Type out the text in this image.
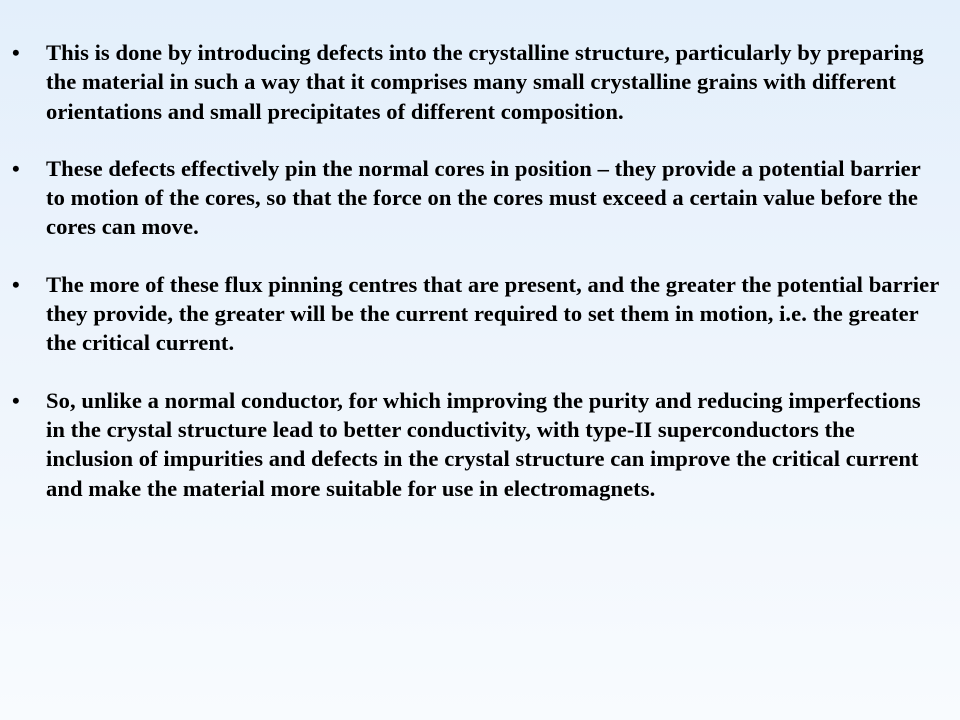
•	This is done by introducing defects into the crystalline structure, particularly by preparing the material in such a way that it comprises many small crystalline grains with different orientations and small precipitates of different composition.
•	These defects effectively pin the normal cores in position – they provide a potential barrier to motion of the cores, so that the force on the cores must exceed a certain value before the cores can move.
•	The more of these flux pinning centres that are present, and the greater the potential barrier they provide, the greater will be the current required to set them in motion, i.e. the greater the critical current.
•	So, unlike a normal conductor, for which improving the purity and reducing imperfections in the crystal structure lead to better conductivity, with type-II superconductors the inclusion of impurities and defects in the crystal structure can improve the critical current and make the material more suitable for use in electromagnets.
